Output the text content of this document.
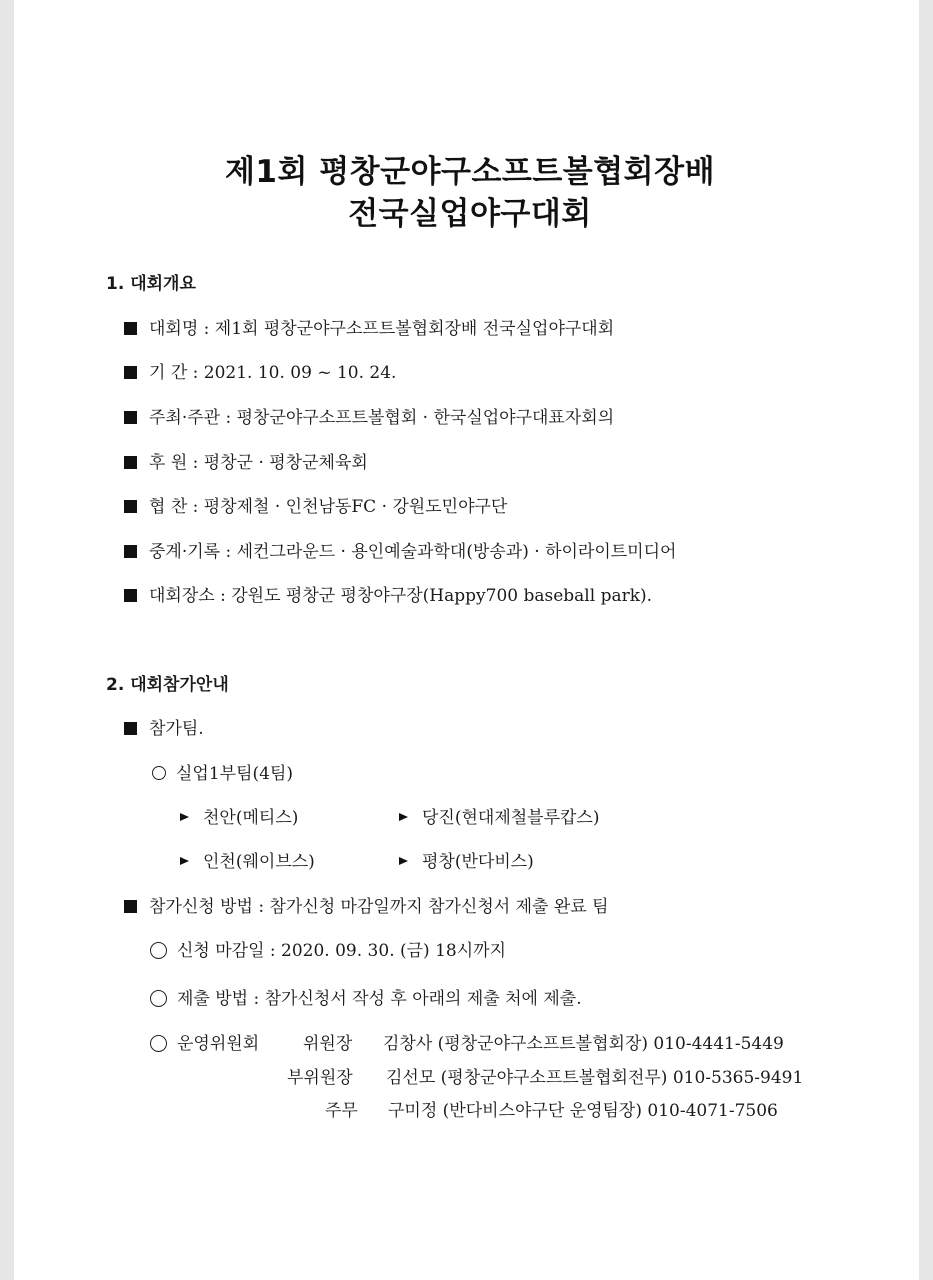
제1회 평창군야구소프트볼협회장배
전국실업야구대회
1. 대회개요
대회명 : 제1회 평창군야구소프트볼협회장배 전국실업야구대회
기 간 : 2021. 10. 09 ~ 10. 24.
주최·주관 : 평창군야구소프트볼협회 · 한국실업야구대표자회의
후 원 : 평창군 · 평창군체육회
협 찬 : 평창제철 · 인천남동FC · 강원도민야구단
중계·기록 : 세컨그라운드 · 용인예술과학대(방송과) · 하이라이트미디어
대회장소 : 강원도 평창군 평창야구장(Happy700 baseball park).
2. 대회참가안내
참가팀.
실업1부팀(4팀)
천안(메티스)	당진(현대제철블루캅스)
인천(웨이브스)	평창(반다비스)
참가신청 방법 : 참가신청 마감일까지 참가신청서 제출 완료 팀
신청 마감일 : 2020. 09. 30. (금) 18시까지
제출 방법 : 참가신청서 작성 후 아래의 제출 처에 제출.
운영위원회	위원장 김창사 (평창군야구소프트볼협회장) 010-4441-5449
부위원장 김선모 (평창군야구소프트볼협회전무) 010-5365-9491
주무 구미정 (반다비스야구단 운영팀장) 010-4071-7506
